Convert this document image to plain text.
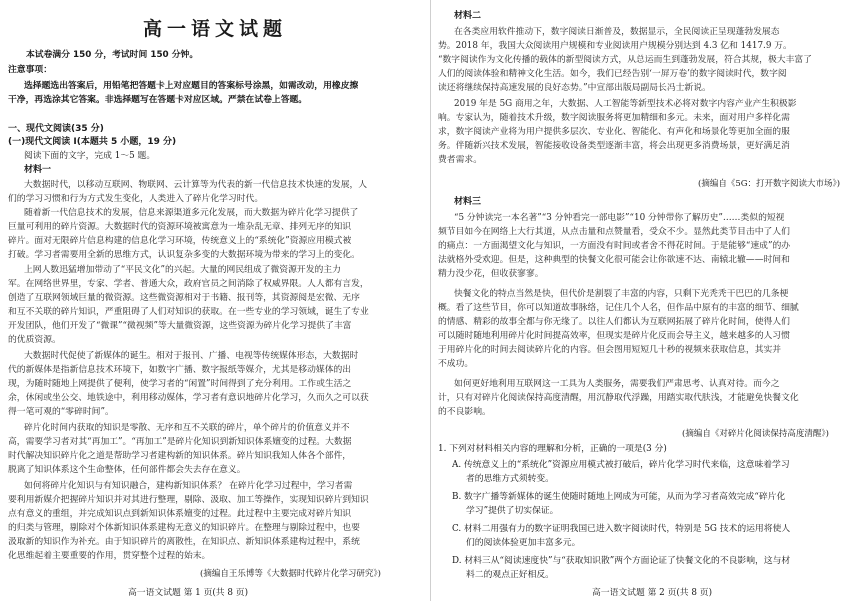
高一语文试题
本试卷满分 150 分，考试时间 150 分钟。
注意事项：
选择题选出答案后，用铅笔把答题卡上对应题目的答案标号涂黑，如需改动，用橡皮擦
干净，再选涂其它答案。非选择题写在答题卡对应区域。严禁在试卷上答题。
一、现代文阅读(35 分)
(一)现代文阅读 Ⅰ(本题共 5 小题，19 分)
阅读下面的文字，完成 1～5 题。
材料一
大数据时代，以移动互联网、物联网、云计算等为代表的新一代信息技术快速的发展，人
们的学习习惯和行为方式发生变化，人类进入了碎片化学习时代。
随着新一代信息技术的发展，信息来源渠道多元化发展，而大数据为碎片化学习提供了
巨量可利用的碎片资源。大数据时代的资源环境被寓意为一堆杂乱无章、排列无序的知识
碎片。面对无限碎片信息构建的信息化学习环境，传统意义上的“系统化”资源应用模式被
打破。学习者需要用全新的思维方式，认识复杂多变的大数据环境为带来的学习上的变化。
上网人数迅猛增加带动了“平民文化”的兴起。大量的网民组成了微资源开发的主力
军。在网络世界里，专家、学者、普通大众，政府官员之间消除了权威界限。人人都有言发，
创造了互联网领域巨量的微资源。这些微资源相对于书籍、报刊等，其资源阅是宏微、无序
和互不关联的碎片知识，严重阻碍了人们对知识的获取。在一些专业的学习领域，诞生了专业
开发团队，他们开发了“微课”“微视频”等大量微资源，这些资源为碎片化学习提供了丰富
的优质资源。
大数据时代促使了新媒体的诞生。相对于报刊、广播、电视等传统媒体形态，大数据时
代的新媒体是指新信息技术环境下，如数字广播、数字报纸等媒介，尤其是移动媒体的出
现，为随时随地上网提供了便利，使学习者的“闲置”时间得到了充分利用。工作或生活之
余，休闲或坐公交、地铁途中，利用移动媒体，学习者有意识地碎片化学习，久而久之可以获
得一笔可观的“零碎时间”。
碎片化时间内获取的知识是零散、无序和互不关联的碎片，单个碎片的价值意义并不
高，需要学习者对其“再加工”。“再加工”是碎片化知识到新知识体系嬗变的过程。大数据
时代解决知识碎片化之道是帮助学习者建构新的知识体系。碎片知识我知人体各个部件，
脱离了知识体系这个生命整体，任何部件都会失去存在意义。
如何将碎片化知识与有知识融合，建构新知识体系？ 在碎片化学习过程中，学习者需
要利用新媒介把握碎片知识并对其进行整理，剔除、汲取、加工等操作，实现知识碎片到知识
点有意义的重组，并完成知识点到新知识体系嬗变的过程。此过程中主要完成对碎片知识
的归类与管理，剔除对个体新知识体系建构无意义的知识碎片。在整理与剔除过程中，也要
汲取新的知识作为补充。由于知识碎片的离散性，在知识点、新知识体系建构过程中，系统
化思维起着主要重要的作用，贯穿整个过程的始末。
(摘编自王乐博等《大数据时代碎片化学习研究》)
高一语文试题 第 1 页(共 8 页)
材料二
在各类应用软件推动下，数字阅读日渐普及，数据显示，全民阅读正呈现蓬勃发展态
势。2018 年，我国大众阅读用户规模和专业阅读用户规模分别达到 4.3 亿和 1417.9 万。
“数字阅读作为文化传播的载体的新型阅读方式，从总运而生到蓬勃发展，符合其规，极大丰富了
人们的阅读体验和精神文化生活。如今，我们已经告别‘一屏万卷’的数字阅读时代，数字阅
读还将继续保持高速发展的良好态势。”中宣部出版局副局长冯士新说。
2019 年是 5G 商用之年，大数据、人工智能等新型技术必将对数字内容产业产生积极影
响。专家认为，随着技术升级，数字阅读服务将更加精细和多元。未来，面对用户多样化需
求，数字阅读产业将为用户提供多层次、专业化、智能化、有声化和场景化等更加全面的服
务。伴随新兴技术发展，智能接收设备类型逐渐丰富，将会出现更多消费场景，更好满足消
费者需求。
(摘编自《5G：打开数字阅读大市场》)
材料三
“5 分钟读完一本名著”“3 分钟看完一部电影”“10 分钟带你了解历史”……类似的短视
频节目如今在网络上大行其道，从点击量和点赞量看，受众不少。显然此类节目击中了人们
的痛点：一方面渴望文化与知识，一方面没有时间或者舍不得花时间。于是能够“速成”的办
法就格外受欢迎。但是，这种典型的快餐文化很可能会让你欲速不达、南辕北辙——时间和
精力没少花，但收获寥寥。
快餐文化的特点当然是快，但代价是割裂了丰富的内容，只剩下光秃秃干巴巴的几条梗
概。看了这些节目，你可以知道故事脉络，记住几个人名，但作品中原有的丰富的细节、细腻
的情感、精彩的故事全都与你无缘了。以往人们都认为互联网拓展了碎片化时间，使得人们
可以随时随地利用碎片化时间提高效率，但现实是碎片化反而会导主义，越来越多的人习惯
于用碎片化的时间去阅读碎片化的内容。但会图用短短几十秒的视频来获取信息，其实并
不成功。
如何更好地利用互联网这一工具为人类服务，需要我们严肃思考、认真对待。而今之
计，只有对碎片化阅读保持高度清醒，用沉静取代浮躁，用踏实取代肤浅，才能避免快餐文化
的不良影响。
(摘编自《对碎片化阅读保持高度清醒》)
1. 下列对材料相关内容的理解和分析，正确的一项是(3 分)
A. 传统意义上的“系统化”资源应用模式被打破后，碎片化学习时代来临，这意味着学习
者的思维方式须转变。
B. 数字广播等新媒体的诞生使随时随地上网成为可能，从而为学习者高效完成“碎片化
学习”提供了切实保证。
C. 材料二用强有力的数字证明我国已进入数字阅读时代，特别是 5G 技术的运用将使人
们的阅读体验更加丰富多元。
D. 材料三从“阅读速度快”与“获取知识散”两个方面论证了快餐文化的不良影响，这与材
料二的观点正好相反。
高一语文试题 第 2 页(共 8 页)
